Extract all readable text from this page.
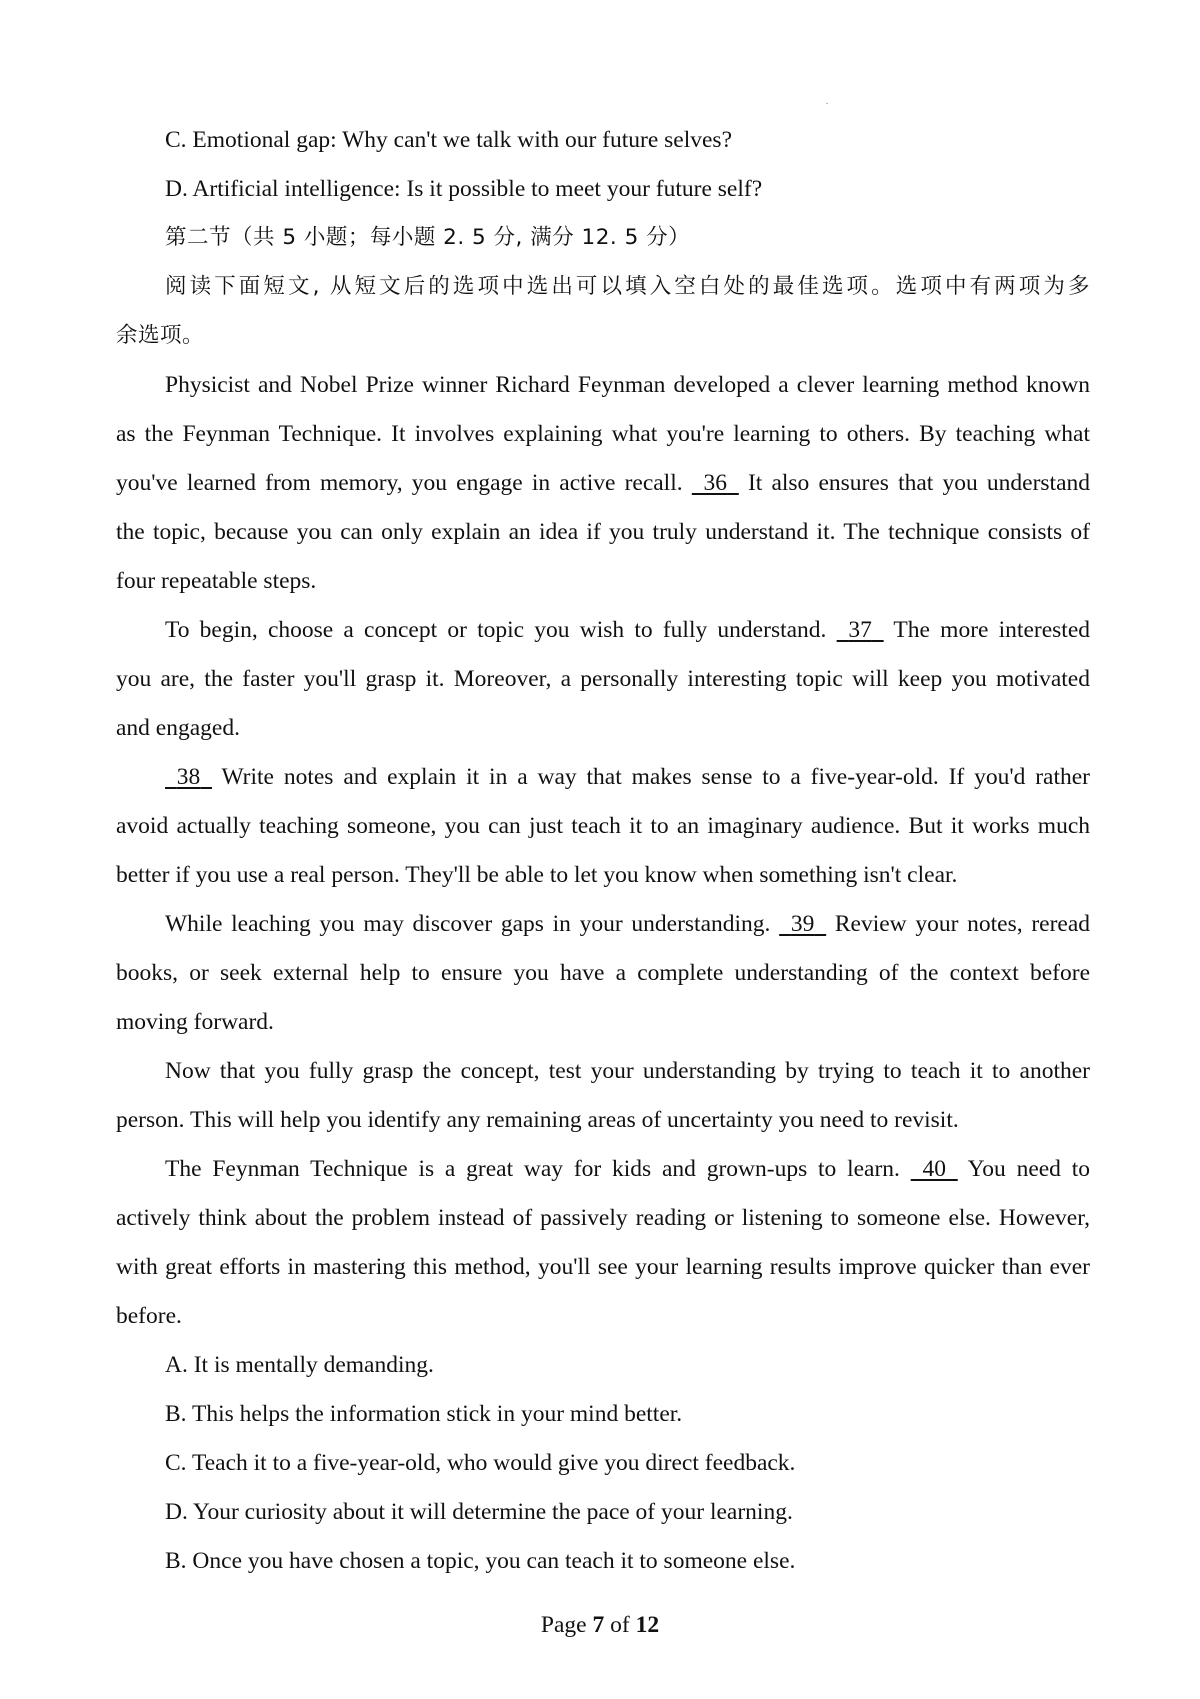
C. Emotional gap: Why can't we talk with our future selves?
D. Artificial intelligence: Is it possible to meet your future self?
第二节（共 5 小题；每小题 2. 5 分, 满分 12. 5 分）
阅读下面短文, 从短文后的选项中选出可以填入空白处的最佳选项。选项中有两项为多
余选项。
Physicist and Nobel Prize winner Richard Feynman developed a clever learning method known
as the Feynman Technique. It involves explaining what you're learning to others. By teaching what
you've learned from memory, you engage in active recall. 36 It also ensures that you understand
the topic, because you can only explain an idea if you truly understand it. The technique consists of
four repeatable steps.
To begin, choose a concept or topic you wish to fully understand. 37 The more interested
you are, the faster you'll grasp it. Moreover, a personally interesting topic will keep you motivated
and engaged.
38 Write notes and explain it in a way that makes sense to a five-year-old. If you'd rather
avoid actually teaching someone, you can just teach it to an imaginary audience. But it works much
better if you use a real person. They'll be able to let you know when something isn't clear.
While leaching you may discover gaps in your understanding. 39 Review your notes, reread
books, or seek external help to ensure you have a complete understanding of the context before
moving forward.
Now that you fully grasp the concept, test your understanding by trying to teach it to another
person. This will help you identify any remaining areas of uncertainty you need to revisit.
The Feynman Technique is a great way for kids and grown-ups to learn. 40 You need to
actively think about the problem instead of passively reading or listening to someone else. However,
with great efforts in mastering this method, you'll see your learning results improve quicker than ever
before.
A. It is mentally demanding.
B. This helps the information stick in your mind better.
C. Teach it to a five-year-old, who would give you direct feedback.
D. Your curiosity about it will determine the pace of your learning.
B. Once you have chosen a topic, you can teach it to someone else.
Page 7 of 12
